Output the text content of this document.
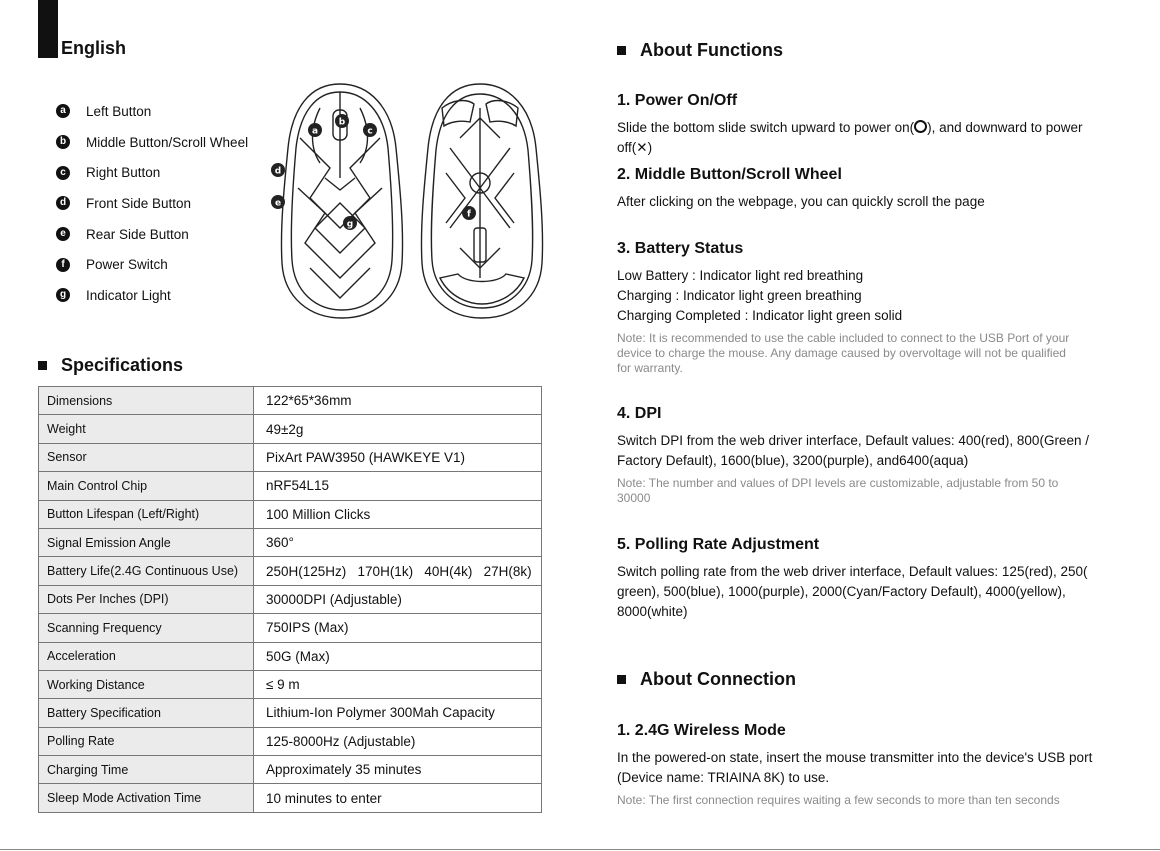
English
a	Left Button
b Middle Button/Scroll Wheel
c	Right Button
d Front Side Button
e	Rear Side Button
f	Power Switch
g Indicator Light
a
b
c
d
e
f
g
Specifications
Dimensions	122*65*36mm
Weight	49±2g
Sensor	PixArt PAW3950 (HAWKEYE V1)
Main Control Chip	nRF54L15
Button Lifespan (Left/Right)	100 Million Clicks
Signal Emission Angle	360°
Battery Life(2.4G Continuous Use)	250H(125Hz)   170H(1k)   40H(4k)   27H(8k)
Dots Per Inches (DPI)	30000DPI (Adjustable)
Scanning Frequency	750IPS (Max)
Acceleration	50G (Max)
Working Distance	≤ 9 m
Battery Specification	Lithium-Ion Polymer 300Mah Capacity
Polling Rate	125-8000Hz (Adjustable)
Charging Time	Approximately 35 minutes
Sleep Mode Activation Time	10 minutes to enter
About Functions
1. Power On/Off
Slide the bottom slide switch upward to power on( ), and downward to power
off(✕)
2. Middle Button/Scroll Wheel
After clicking on the webpage, you can quickly scroll the page
3. Battery Status
Low Battery : Indicator light red breathing
Charging : Indicator light green breathing
Charging Completed : Indicator light green solid
Note: It is recommended to use the cable included to connect to the USB Port of your
device to charge the mouse. Any damage caused by overvoltage will not be qualified
for warranty.
4. DPI
Switch DPI from the web driver interface, Default values: 400(red), 800(Green /
Factory Default), 1600(blue), 3200(purple), and6400(aqua)
Note: The number and values of DPI levels are customizable, adjustable from 50 to
30000
5. Polling Rate Adjustment
Switch polling rate from the web driver interface, Default values: 125(red), 250(
green), 500(blue), 1000(purple), 2000(Cyan/Factory Default), 4000(yellow),
8000(white)
About Connection
1. 2.4G Wireless Mode
In the powered-on state, insert the mouse transmitter into the device's USB port
(Device name: TRIAINA 8K) to use.
Note: The first connection requires waiting a few seconds to more than ten seconds
